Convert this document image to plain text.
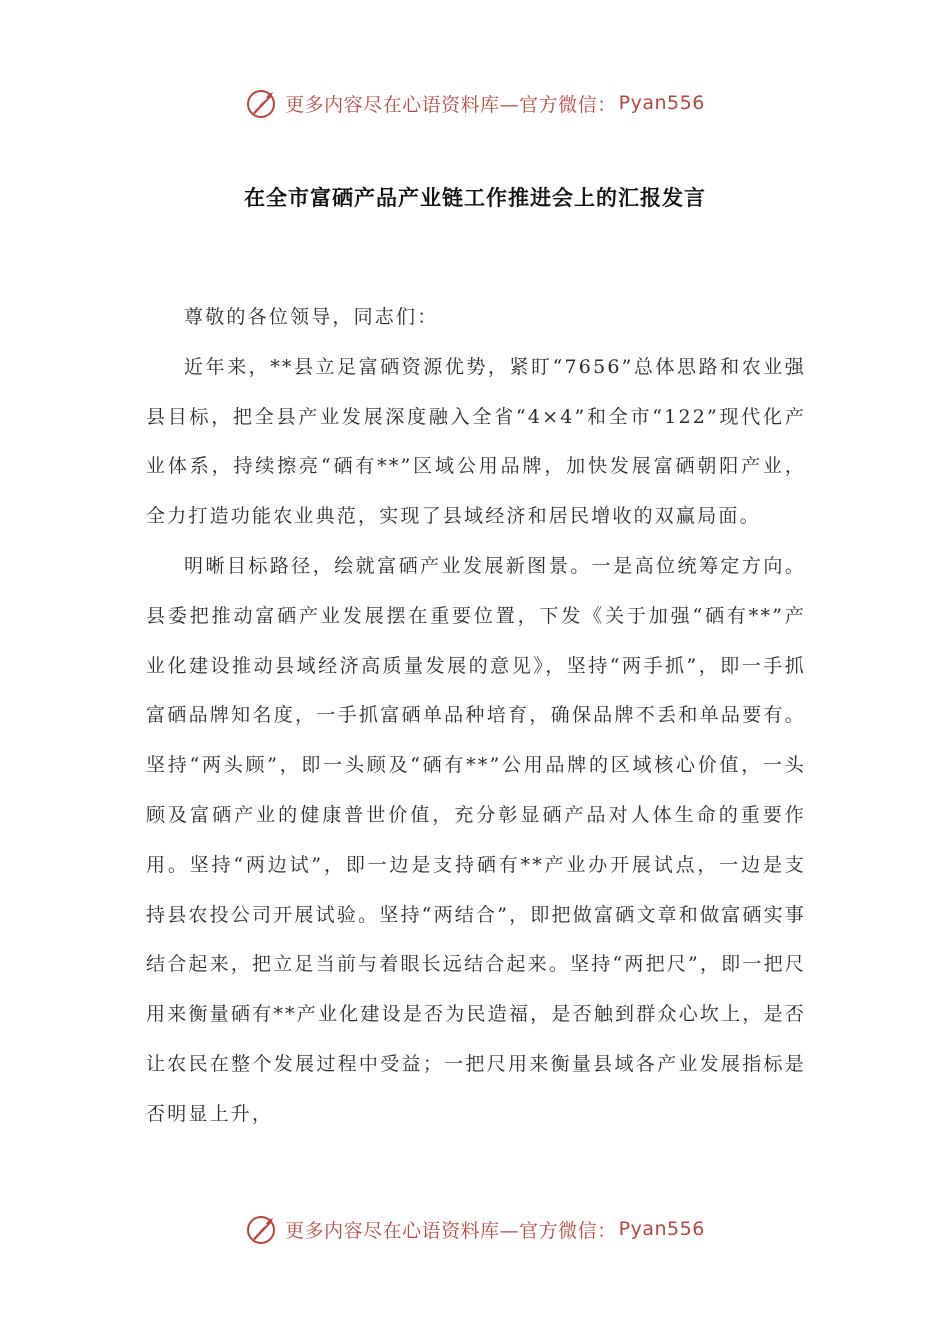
更多内容尽在心语资料库—官方微信： Pyan556
在全市富硒产品产业链工作推进会上的汇报发言

尊敬的各位领导，同志们：

近年来，**县立足富硒资源优势，紧盯“7656”总体思路和农业强县目标，把全县产业发展深度融入全省“4×4”和全市“122”现代化产业体系，持续擦亮“硒有**”区域公用品牌，加快发展富硒朝阳产业，全力打造功能农业典范，实现了县域经济和居民增收的双赢局面。

明晰目标路径，绘就富硒产业发展新图景。一是高位统筹定方向。县委把推动富硒产业发展摆在重要位置，下发《关于加强“硒有**”产业化建设推动县域经济高质量发展的意见》，坚持“两手抓”，即一手抓富硒品牌知名度，一手抓富硒单品种培育，确保品牌不丢和单品要有。坚持“两头顾”，即一头顾及“硒有**”公用品牌的区域核心价值，一头顾及富硒产业的健康普世价值，充分彰显硒产品对人体生命的重要作用。坚持“两边试”，即一边是支持硒有**产业办开展试点，一边是支持县农投公司开展试验。坚持“两结合”，即把做富硒文章和做富硒实事结合起来，把立足当前与着眼长远结合起来。坚持“两把尺”，即一把尺用来衡量硒有**产业化建设是否为民造福，是否触到群众心坎上，是否让农民在整个发展过程中受益；一把尺用来衡量县域各产业发展指标是否明显上升，

更多内容尽在心语资料库—官方微信： Pyan556
